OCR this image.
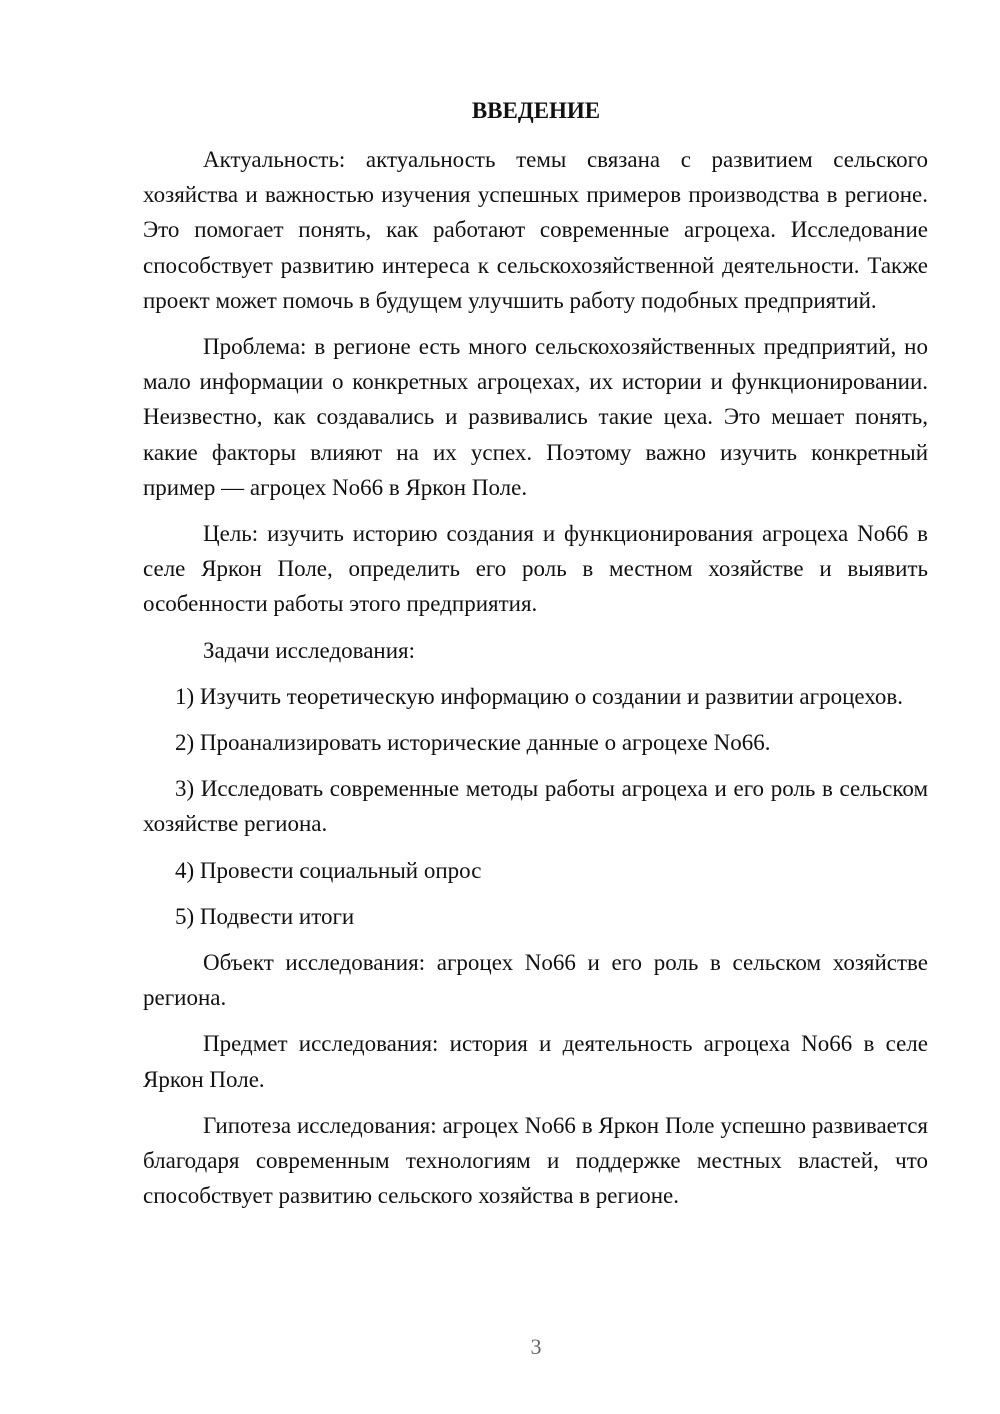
ВВЕДЕНИЕ

Актуальность: актуальность темы связана с развитием сельского хозяйства и важностью изучения успешных примеров производства в регионе. Это помогает понять, как работают современные агроцеха. Исследование способствует развитию интереса к сельскохозяйственной деятельности. Также проект может помочь в будущем улучшить работу подобных предприятий.

Проблема: в регионе есть много сельскохозяйственных предприятий, но мало информации о конкретных агроцехах, их истории и функционировании. Неизвестно, как создавались и развивались такие цеха. Это мешает понять, какие факторы влияют на их успех. Поэтому важно изучить конкретный пример — агроцех No66 в Яркон Поле.

Цель: изучить историю создания и функционирования агроцеха No66 в селе Яркон Поле, определить его роль в местном хозяйстве и выявить особенности работы этого предприятия.

Задачи исследования:

1) Изучить теоретическую информацию о создании и развитии агроцехов.

2) Проанализировать исторические данные о агроцехе No66.

3) Исследовать современные методы работы агроцеха и его роль в сельском хозяйстве региона.

4) Провести социальный опрос

5) Подвести итоги

Объект исследования: агроцех No66 и его роль в сельском хозяйстве региона.

Предмет исследования: история и деятельность агроцеха No66 в селе Яркон Поле.

Гипотеза исследования: агроцех No66 в Яркон Поле успешно развивается благодаря современным технологиям и поддержке местных властей, что способствует развитию сельского хозяйства в регионе.

3
